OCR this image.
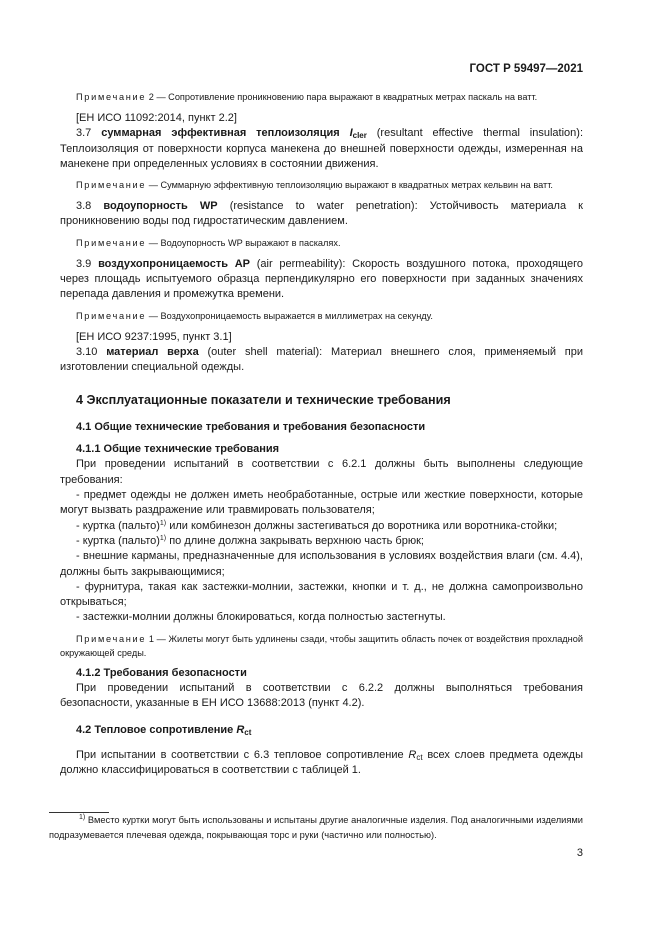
ГОСТ Р 59497—2021

Примечание 2 — Сопротивление проникновению пара выражают в квадратных метрах паскаль на ватт.

[ЕН ИСО 11092:2014, пункт 2.2]

3.7 суммарная эффективная теплоизоляция $I_{cler}$ (resultant effective thermal insulation): Теплоизоляция от поверхности корпуса манекена до внешней поверхности одежды, измеренная на манекене при определенных условиях в состоянии движения.

Примечание — Суммарную эффективную теплоизоляцию выражают в квадратных метрах кельвин на ватт.

3.8 водоупорность WP (resistance to water penetration): Устойчивость материала к проникновению воды под гидростатическим давлением.

Примечание — Водоупорность WP выражают в паскалях.

3.9 воздухопроницаемость AP (air permeability): Скорость воздушного потока, проходящего через площадь испытуемого образца перпендикулярно его поверхности при заданных значениях перепада давления и промежутка времени.

Примечание — Воздухопроницаемость выражается в миллиметрах на секунду.

[ЕН ИСО 9237:1995, пункт 3.1]

3.10 материал верха (outer shell material): Материал внешнего слоя, применяемый при изготовлении специальной одежды.

4 Эксплуатационные показатели и технические требования

4.1 Общие технические требования и требования безопасности

4.1.1 Общие технические требования

При проведении испытаний в соответствии с 6.2.1 должны быть выполнены следующие требования:

- предмет одежды не должен иметь необработанные, острые или жесткие поверхности, которые могут вызвать раздражение или травмировать пользователя;

- куртка (пальто)$^{1)}$ или комбинезон должны застегиваться до воротника или воротника-стойки;

- куртка (пальто)$^{1)}$ по длине должна закрывать верхнюю часть брюк;

- внешние карманы, предназначенные для использования в условиях воздействия влаги (см. 4.4), должны быть закрывающимися;

- фурнитура, такая как застежки-молнии, застежки, кнопки и т. д., не должна самопроизвольно открываться;

- застежки-молнии должны блокироваться, когда полностью застегнуты.

Примечание 1 — Жилеты могут быть удлинены сзади, чтобы защитить область почек от воздействия прохладной окружающей среды.

4.1.2 Требования безопасности

При проведении испытаний в соответствии с 6.2.2 должны выполняться требования безопасности, указанные в ЕН ИСО 13688:2013 (пункт 4.2).

4.2 Тепловое сопротивление $R_{ct}$

При испытании в соответствии с 6.3 тепловое сопротивление $R_{ct}$ всех слоев предмета одежды должно классифицироваться в соответствии с таблицей 1.

$^{1)}$ Вместо куртки могут быть использованы и испытаны другие аналогичные изделия. Под аналогичными изделиями подразумевается плечевая одежда, покрывающая торс и руки (частично или полностью).

3
